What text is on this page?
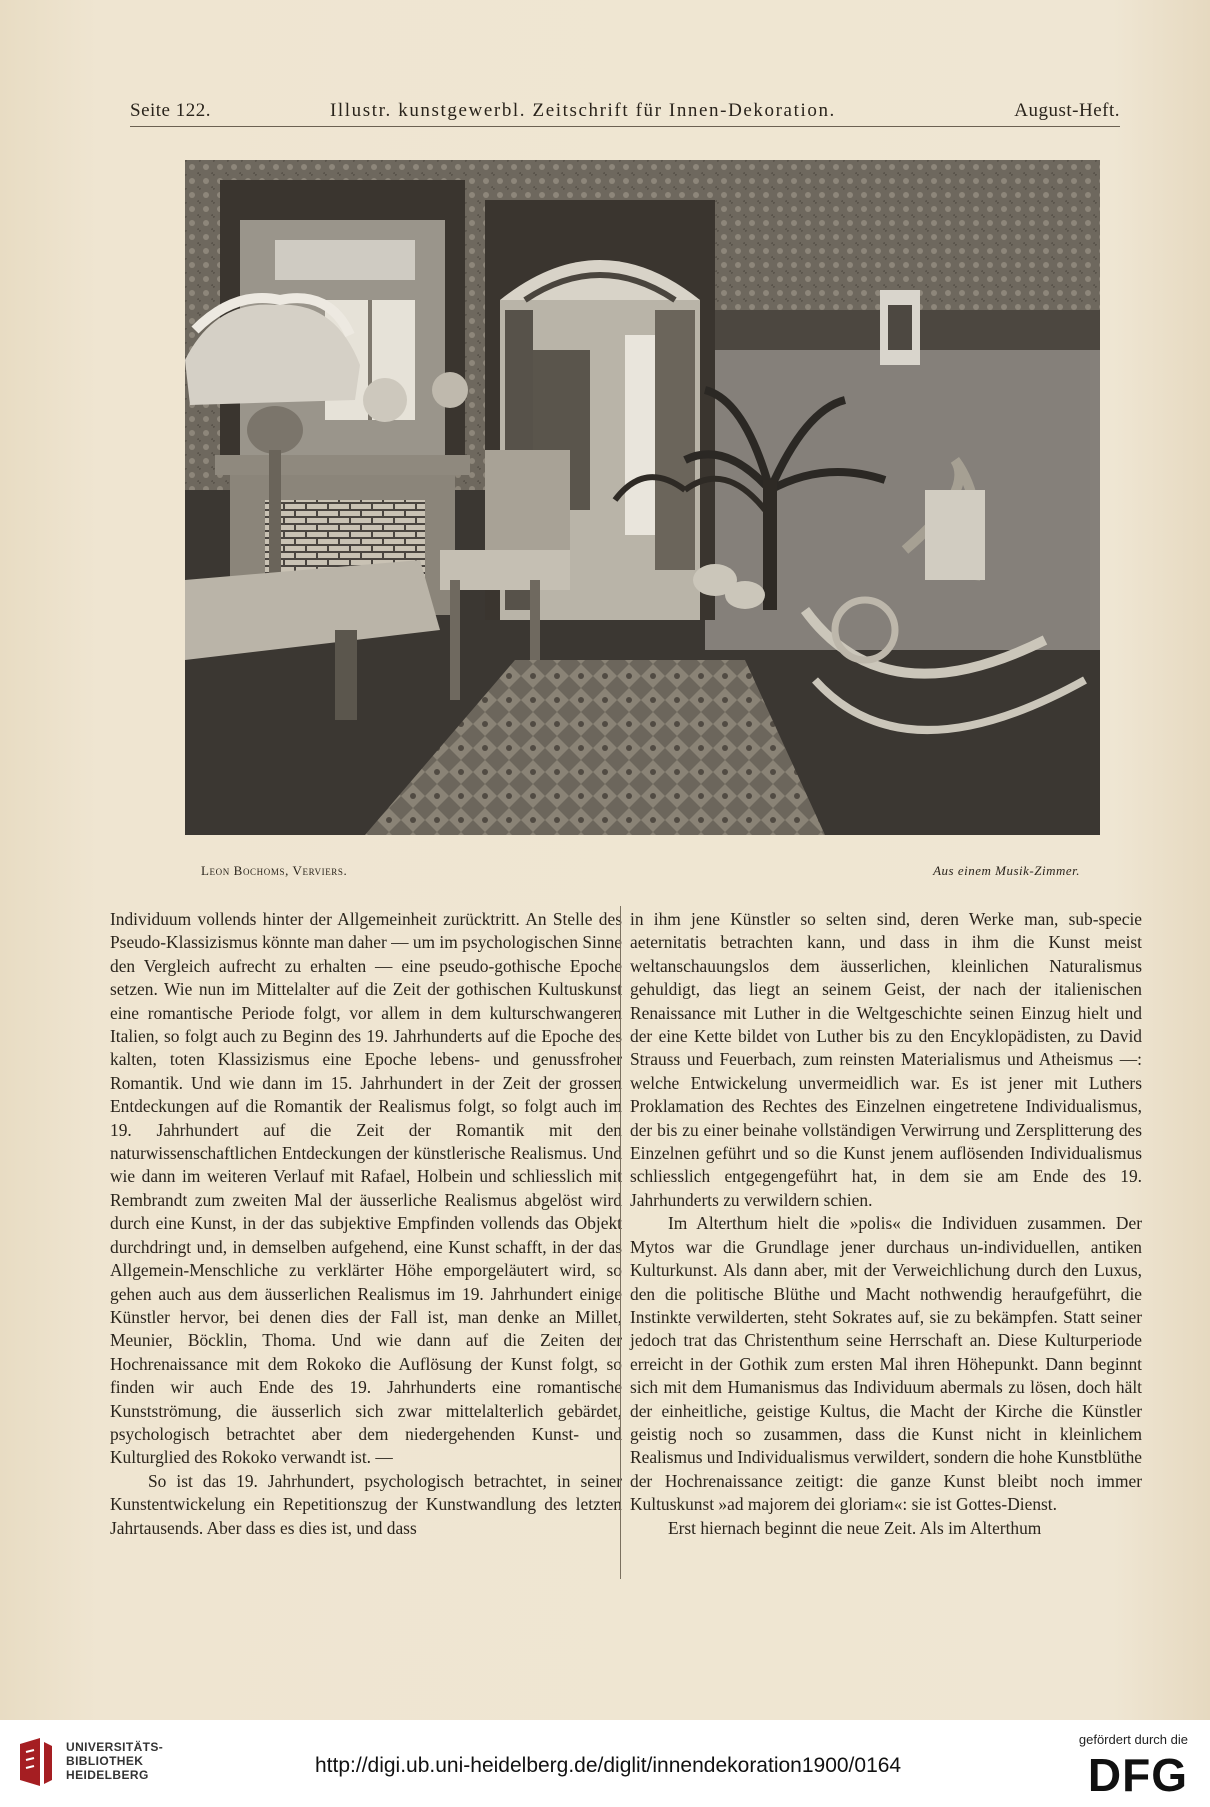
Seite 122.	Illustr. kunstgewerbl. Zeitschrift für Innen-Dekoration.	August-Heft.
Leon Bochoms, Verviers.	Aus einem Musik-Zimmer.

Individuum vollends hinter der Allgemeinheit zurücktritt. An Stelle des Pseudo-Klassizismus könnte man daher — um im psychologischen Sinne den Vergleich aufrecht zu erhalten — eine pseudo-gothische Epoche setzen. Wie nun im Mittelalter auf die Zeit der gothischen Kultuskunst eine romantische Periode folgt, vor allem in dem kulturschwangeren Italien, so folgt auch zu Beginn des 19. Jahrhunderts auf die Epoche des kalten, toten Klassizismus eine Epoche lebens- und genussfroher Romantik. Und wie dann im 15. Jahrhundert in der Zeit der grossen Entdeckungen auf die Romantik der Realismus folgt, so folgt auch im 19. Jahrhundert auf die Zeit der Romantik mit den naturwissenschaftlichen Entdeckungen der künstlerische Realismus. Und wie dann im weiteren Verlauf mit Rafael, Holbein und schliesslich mit Rembrandt zum zweiten Mal der äusserliche Realismus abgelöst wird durch eine Kunst, in der das subjektive Empfinden vollends das Objekt durchdringt und, in demselben aufgehend, eine Kunst schafft, in der das Allgemein-Menschliche zu verklärter Höhe emporgeläutert wird, so gehen auch aus dem äusserlichen Realismus im 19. Jahrhundert einige Künstler hervor, bei denen dies der Fall ist, man denke an Millet, Meunier, Böcklin, Thoma. Und wie dann auf die Zeiten der Hochrenaissance mit dem Rokoko die Auflösung der Kunst folgt, so finden wir auch Ende des 19. Jahrhunderts eine romantische Kunstströmung, die äusserlich sich zwar mittelalterlich gebärdet, psychologisch betrachtet aber dem niedergehenden Kunst- und Kulturglied des Rokoko verwandt ist. —

So ist das 19. Jahrhundert, psychologisch betrachtet, in seiner Kunstentwickelung ein Repetitionszug der Kunstwandlung des letzten Jahrtausends. Aber dass es dies ist, und dass

in ihm jene Künstler so selten sind, deren Werke man, sub-specie aeternitatis betrachten kann, und dass in ihm die Kunst meist weltanschauungslos dem äusserlichen, kleinlichen Naturalismus gehuldigt, das liegt an seinem Geist, der nach der italienischen Renaissance mit Luther in die Weltgeschichte seinen Einzug hielt und der eine Kette bildet von Luther bis zu den Encyklopädisten, zu David Strauss und Feuerbach, zum reinsten Materialismus und Atheismus —: welche Entwickelung unvermeidlich war. Es ist jener mit Luthers Proklamation des Rechtes des Einzelnen eingetretene Individualismus, der bis zu einer beinahe vollständigen Verwirrung und Zersplitterung des Einzelnen geführt und so die Kunst jenem auflösenden Individualismus schliesslich entgegengeführt hat, in dem sie am Ende des 19. Jahrhunderts zu verwildern schien.

Im Alterthum hielt die »polis« die Individuen zusammen. Der Mytos war die Grundlage jener durchaus un-individuellen, antiken Kulturkunst. Als dann aber, mit der Verweichlichung durch den Luxus, den die politische Blüthe und Macht nothwendig heraufgeführt, die Instinkte verwilderten, steht Sokrates auf, sie zu bekämpfen. Statt seiner jedoch trat das Christenthum seine Herrschaft an. Diese Kulturperiode erreicht in der Gothik zum ersten Mal ihren Höhepunkt. Dann beginnt sich mit dem Humanismus das Individuum abermals zu lösen, doch hält der einheitliche, geistige Kultus, die Macht der Kirche die Künstler geistig noch so zusammen, dass die Kunst nicht in kleinlichem Realismus und Individualismus verwildert, sondern die hohe Kunstblüthe der Hochrenaissance zeitigt: die ganze Kunst bleibt noch immer Kultuskunst »ad majorem dei gloriam«: sie ist Gottes-Dienst.

Erst hiernach beginnt die neue Zeit. Als im Alterthum

UNIVERSITÄTS-
BIBLIOTHEK
HEIDELBERG	http://digi.ub.uni-heidelberg.de/diglit/innendekoration1900/0164
gefördert durch die
DFG
